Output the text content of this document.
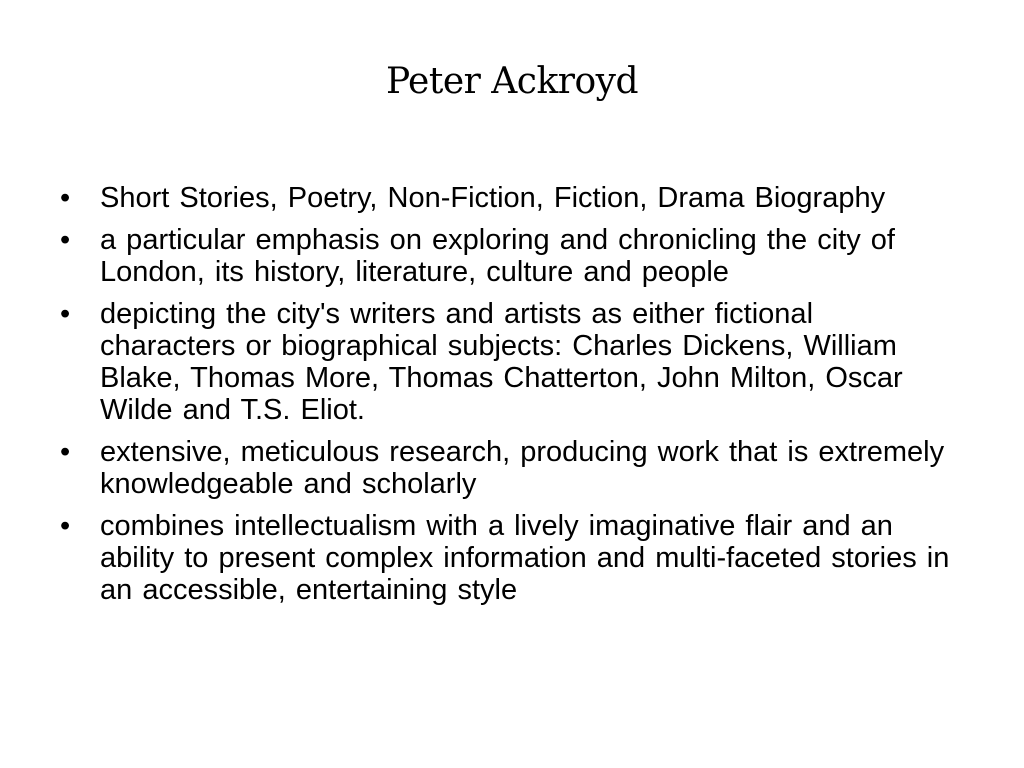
Peter Ackroyd
•	Short Stories, Poetry, Non-Fiction, Fiction, Drama Biography
•	a particular emphasis on exploring and chronicling the city of London, its history, literature, culture and people
•	depicting the city's writers and artists as either fictional characters or biographical subjects: Charles Dickens, William Blake, Thomas More, Thomas Chatterton, John Milton, Oscar Wilde and T.S. Eliot.
•	extensive, meticulous research, producing work that is extremely knowledgeable and scholarly
•	combines intellectualism with a lively imaginative flair and an ability to present complex information and multi-faceted stories in an accessible, entertaining style
